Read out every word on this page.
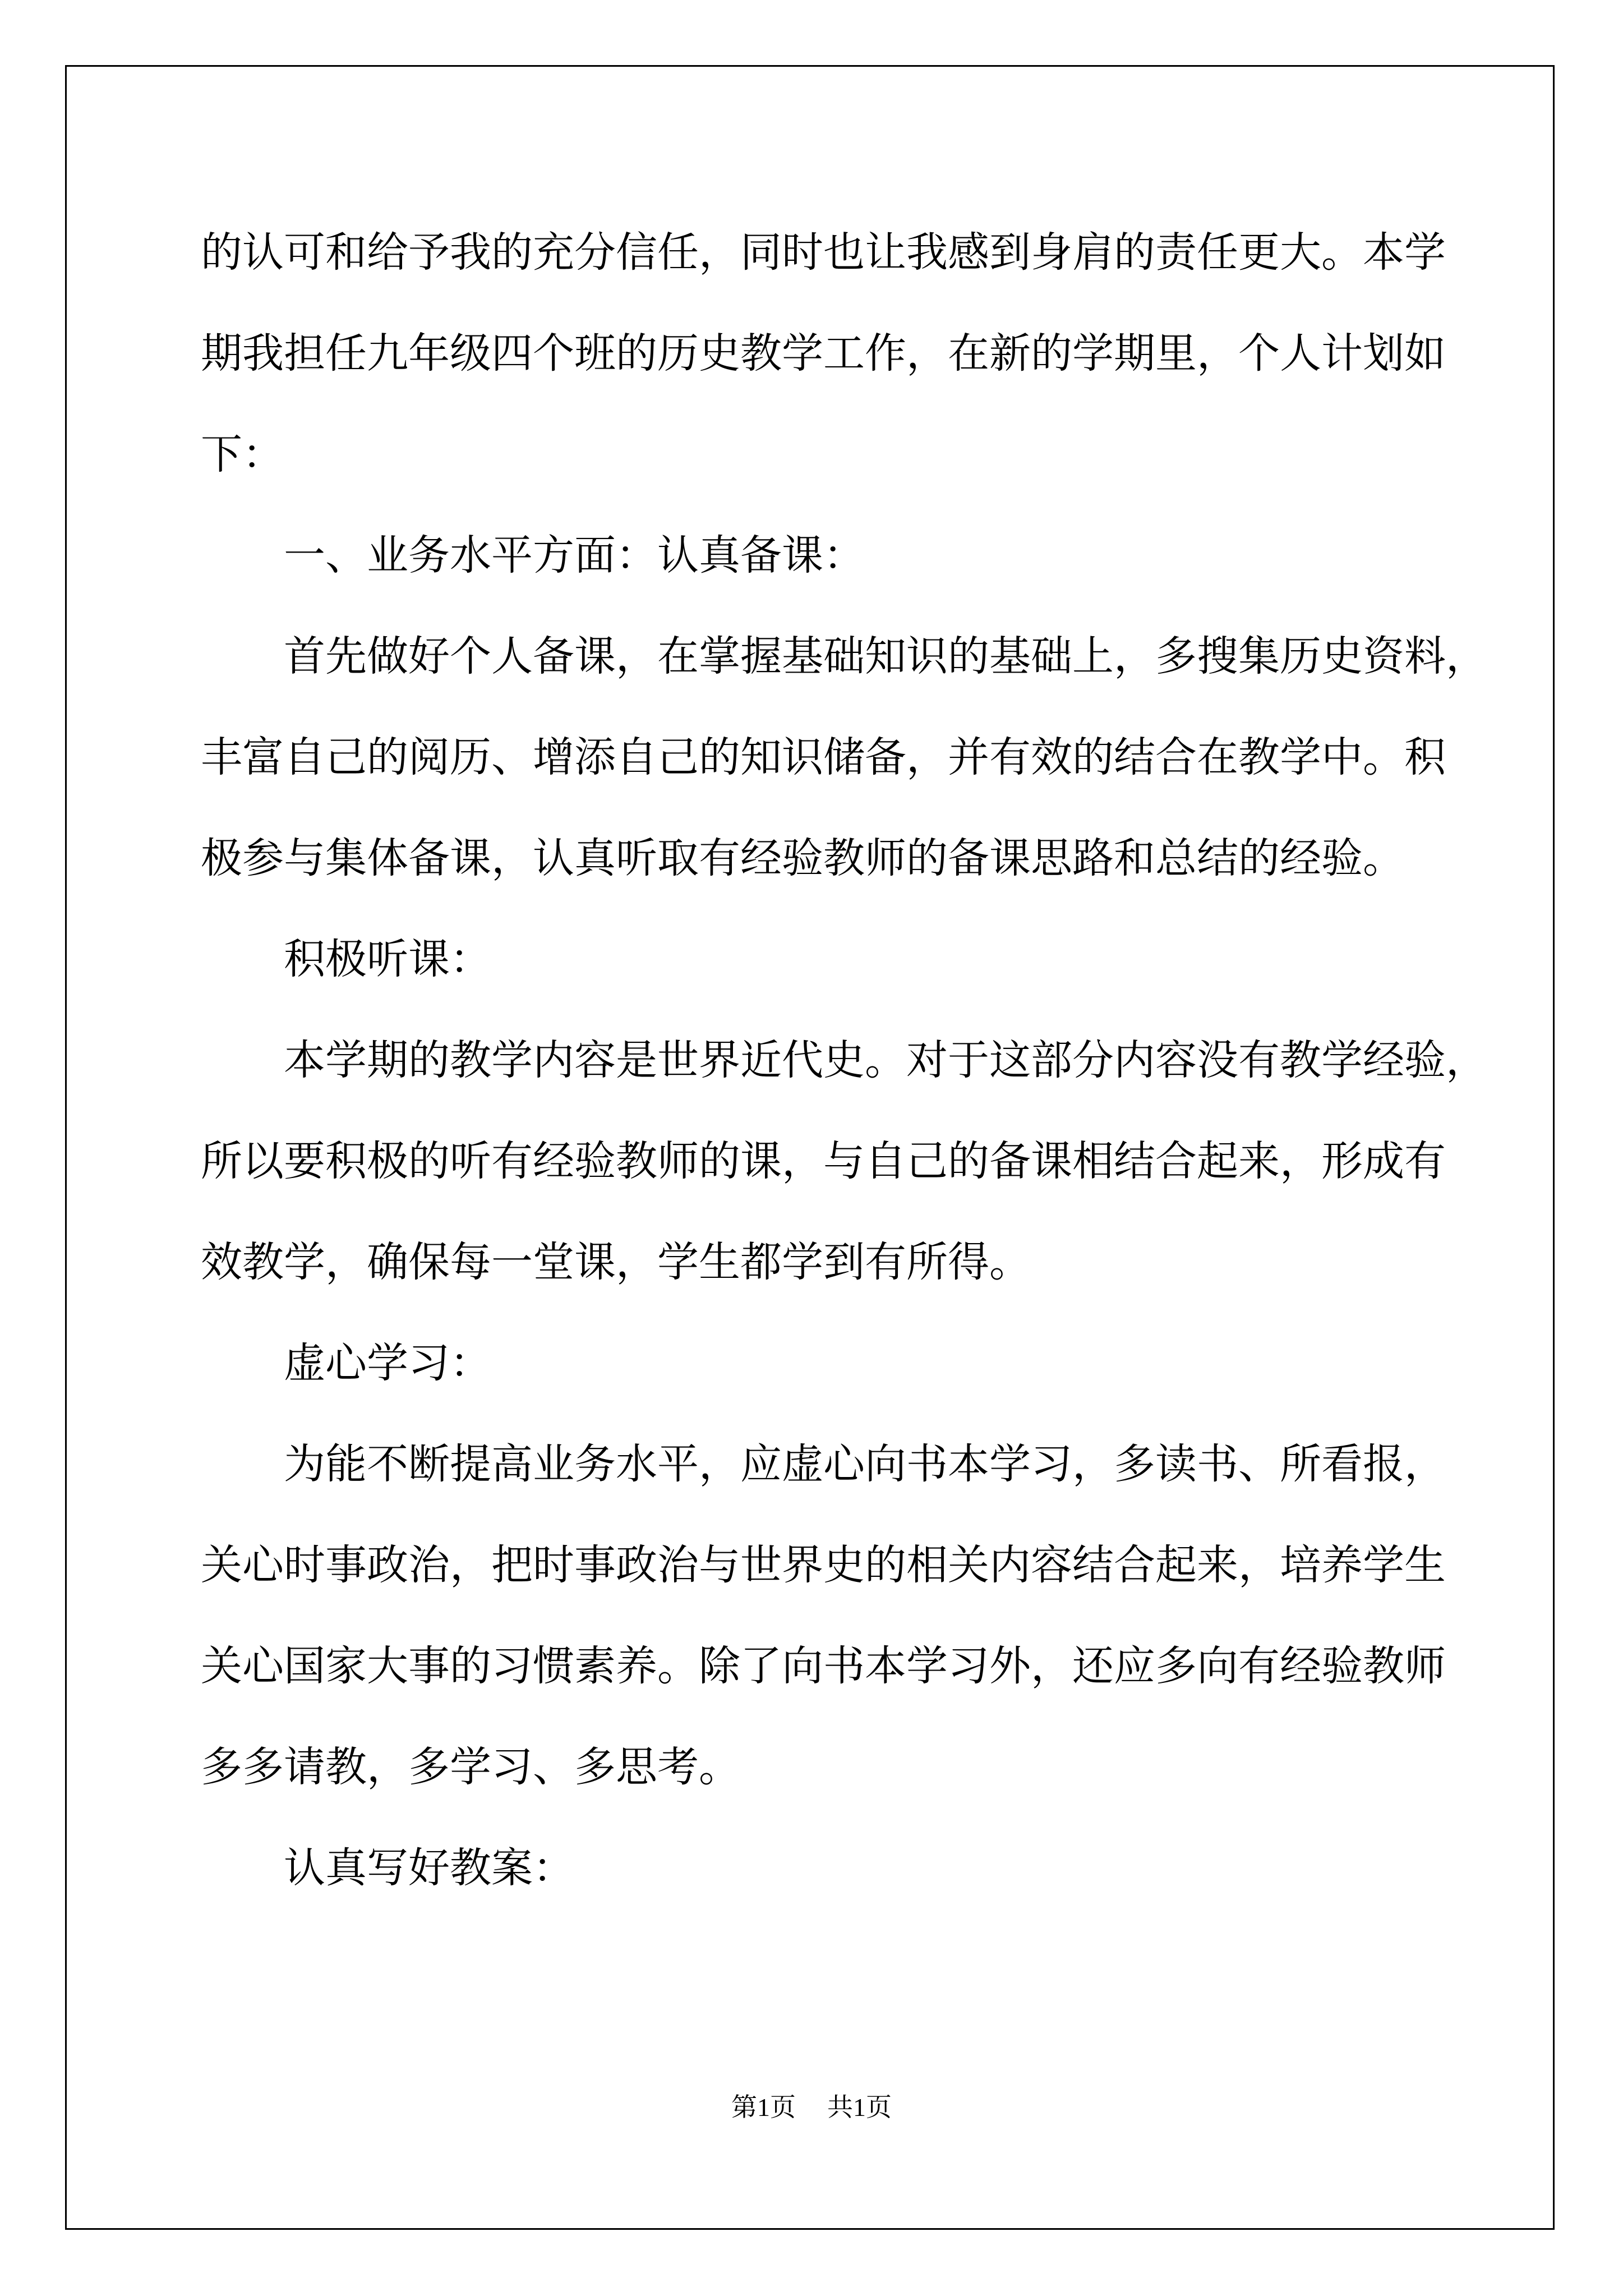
的认可和给予我的充分信任，同时也让我感到身肩的责任更大。本学
期我担任九年级四个班的历史教学工作，在新的学期里，个人计划如
下：
一、业务水平方面：认真备课：
首先做好个人备课，在掌握基础知识的基础上，多搜集历史资料，
丰富自己的阅历、增添自己的知识储备，并有效的结合在教学中。积
极参与集体备课，认真听取有经验教师的备课思路和总结的经验。
积极听课：
本学期的教学内容是世界近代史。对于这部分内容没有教学经验，
所以要积极的听有经验教师的课，与自己的备课相结合起来，形成有
效教学，确保每一堂课，学生都学到有所得。
虚心学习：
为能不断提高业务水平，应虚心向书本学习，多读书、所看报，
关心时事政治，把时事政治与世界史的相关内容结合起来，培养学生
关心国家大事的习惯素养。除了向书本学习外，还应多向有经验教师
多多请教，多学习、多思考。
认真写好教案：
第1页 共1页
